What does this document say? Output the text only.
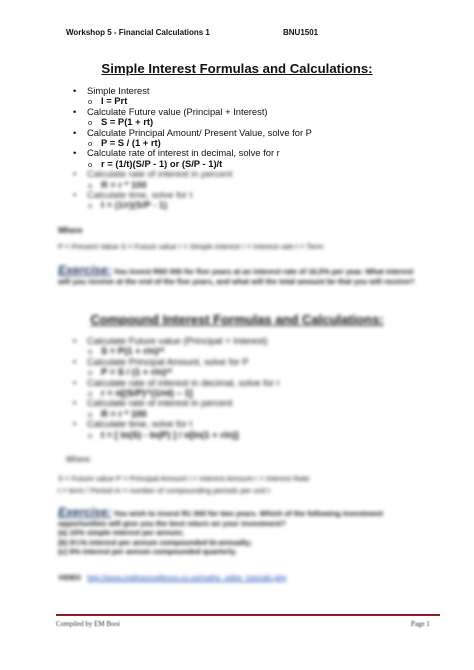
Workshop 5 - Financial Calculations 1	BNU1501
Simple Interest Formulas and Calculations:
• Simple Interest
o I = Prt
• Calculate Future value (Principal + Interest)
o S = P(1 + rt)
• Calculate Principal Amount/ Present Value, solve for P
o P = S / (1 + rt)
• Calculate rate of interest in decimal, solve for r
o r = (1/t)(S/P - 1) or (S/P - 1)/t
• Calculate rate of interest in percent
o R = r * 100
• Calculate time, solve for t
o t = (1/r)(S/P - 1)
Where
P = Present Value S = Future value I = Simple interest r = Interest rate t = Term
Exercise: You invest R60 000 for five years at an interest rate of 16,5% per year. What interest will you receive at the end of the five years, and what will the total amount be that you will receive?
Compound Interest Formulas and Calculations:
• Calculate Future value (Principal + Interest)
o S = P(1 + r/n)ⁿᵗ
• Calculate Principal Amount, solve for P
o P = S / (1 + r/n)ⁿᵗ
• Calculate rate of interest in decimal, solve for r
o r = n[(S/P)^(1/nt) – 1]
• Calculate rate of interest in percent
o R = r * 100
• Calculate time, solve for t
o t = [ ln(S) - ln(P) ] / n[ln(1 + r/n)]
Where:
S = Future value P = Principal Amount I = Interest Amount r = Interest Rate
t = term / Period m = number of compounding periods per unit t
Exercise: You wish to invest R1 000 for two years. Which of the following investment opportunities will give you the best return on your investment?
(a) 10% simple interest per annum;
(b) 9½% interest per annum compounded bi-annually;
(c) 9% interest per annum compounded quarterly.
VIDEO http://www.mathsexcellence.co.za/maths_video_tutorials.php
Compiled by EM Booi	Page 1
